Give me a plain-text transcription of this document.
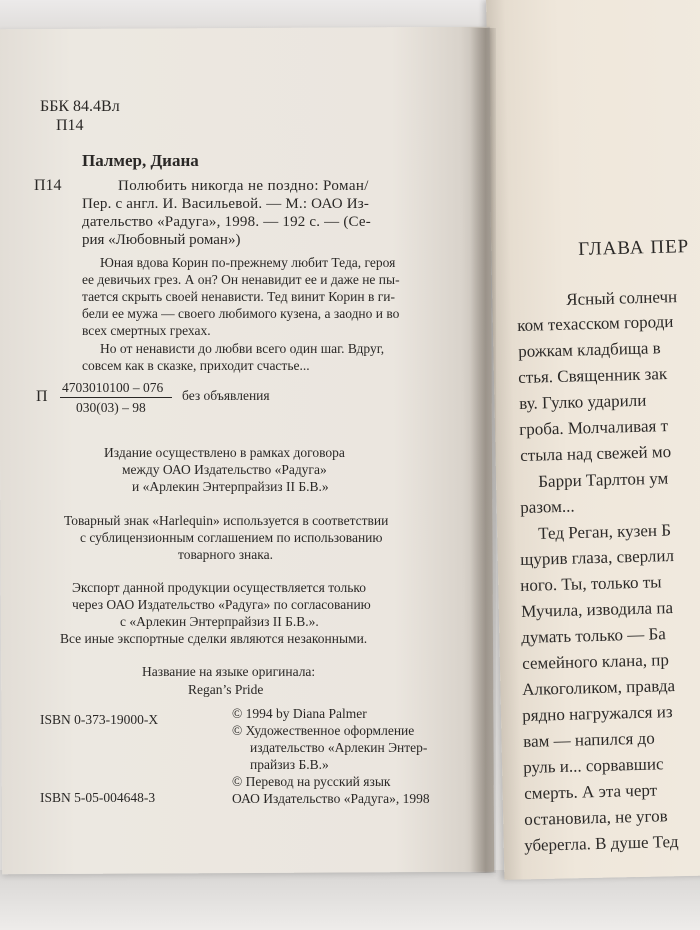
ББК 84.4Вл
П14
Палмер, Диана
П14	Полюбить никогда не поздно: Роман/
Пер. с англ. И. Васильевой. — М.: ОАО Из-
дательство «Радуга», 1998. — 192 с. — (Се-
рия «Любовный роман»)
Юная вдова Корин по-прежнему любит Теда, героя
ее девичьих грез. А он? Он ненавидит ее и даже не пы-
тается скрыть своей ненависти. Тед винит Корин в ги-
бели ее мужа — своего любимого кузена, а заодно и во
всех смертных грехах.
Но от ненависти до любви всего один шаг. Вдруг,
совсем как в сказке, приходит счастье...
П
4703010100 – 076
030(03) – 98
без объявления
Издание осуществлено в рамках договора
между ОАО Издательство «Радуга»
и «Арлекин Энтерпрайзиз II Б.В.»
Товарный знак «Harlequin» используется в соответствии
с сублицензионным соглашением по использованию
товарного знака.
Экспорт данной продукции осуществляется только
через ОАО Издательство «Радуга» по согласованию
с «Арлекин Энтерпрайзиз II Б.В.».
Все иные экспортные сделки являются незаконными.
Название на языке оригинала:
Regan’s Pride
ISBN 0-373-19000-X
ISBN 5-05-004648-3
© 1994 by Diana Palmer
© Художественное оформление
издательство «Арлекин Энтер-
прайзиз Б.В.»
© Перевод на русский язык
ОАО Издательство «Радуга», 1998
ГЛАВА ПЕР
Ясный солнечн
ком техасском городи
рожкам кладбища в
стья. Священник зак
ву. Гулко ударили
гроба. Молчаливая т
стыла над свежей мо
Барри Тарлтон ум
разом...
Тед Реган, кузен Б
щурив глаза, сверлил
ного. Ты, только ты
Мучила, изводила па
думать только — Ба
семейного клана, пр
Алкоголиком, правда
рядно нагружался из
вам — напился до
руль и... сорвавшис
смерть. А эта черт
остановила, не угов
уберегла. В душе Тед
